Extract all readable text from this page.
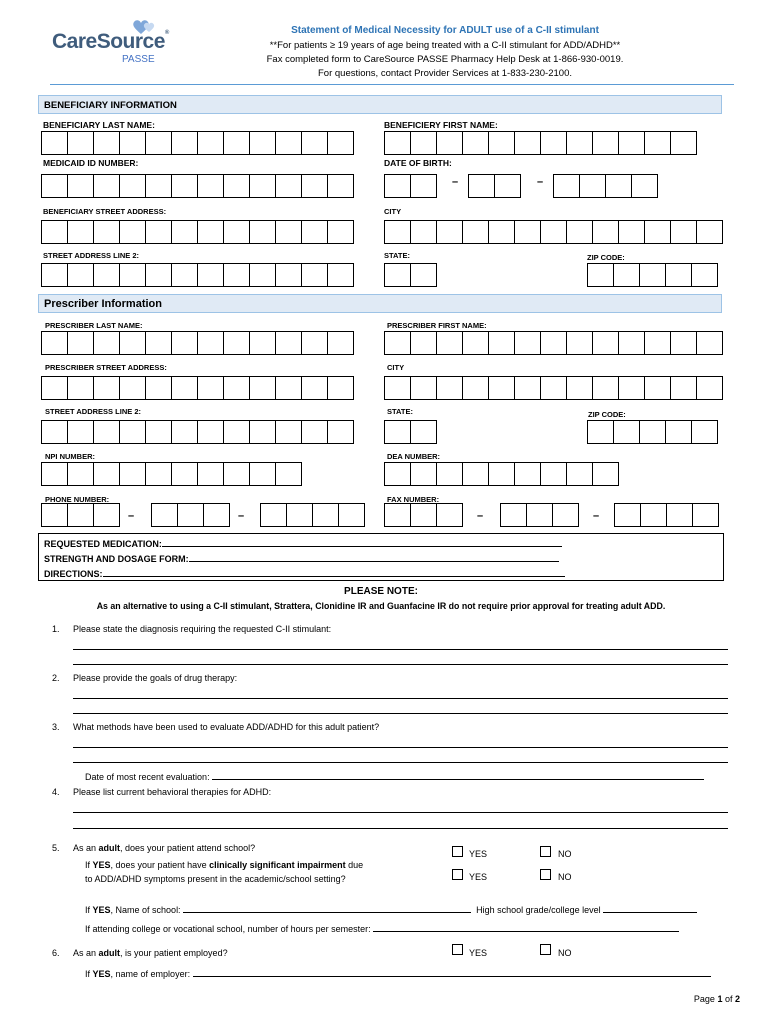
CareSource®
PASSE
Statement of Medical Necessity for ADULT use of a C-II stimulant
**For patients ≥ 19 years of age being treated with a C-II stimulant for ADD/ADHD**
Fax completed form to CareSource PASSE Pharmacy Help Desk at 1-866-930-0019.
For questions, contact Provider Services at 1-833-230-2100.
BENEFICIARY INFORMATION
BENEFICIARY LAST NAME:	BENEFICIERY FIRST NAME:
MEDICAID ID NUMBER:	DATE OF BIRTH:
–	–
BENEFICIARY STREET ADDRESS:	CITY
STREET ADDRESS LINE 2:	STATE:	ZIP CODE:
Prescriber Information
PRESCRIBER LAST NAME:	PRESCRIBER FIRST NAME:
PRESCRIBER STREET ADDRESS:	CITY
STREET ADDRESS LINE 2:	STATE:	ZIP CODE:
NPI NUMBER:	DEA NUMBER:
PHONE NUMBER:
–	–
FAX NUMBER:
–	–
REQUESTED MEDICATION:
STRENGTH AND DOSAGE FORM:
DIRECTIONS:
PLEASE NOTE:
As an alternative to using a C-II stimulant, Strattera, Clonidine IR and Guanfacine IR do not require prior approval for treating adult ADD.
1. Please state the diagnosis requiring the requested C-II stimulant:
2. Please provide the goals of drug therapy:
3. What methods have been used to evaluate ADD/ADHD for this adult patient?
Date of most recent evaluation:
4. Please list current behavioral therapies for ADHD:
5. As an adult, does your patient attend school?
YES	NO
If YES, does your patient have clinically significant impairment due
to ADD/ADHD symptoms present in the academic/school setting?	YES	NO
If YES, Name of school:	High school grade/college level
If attending college or vocational school, number of hours per semester:
6. As an adult, is your patient employed?	YES	NO
If YES, name of employer:
Page 1 of 2
